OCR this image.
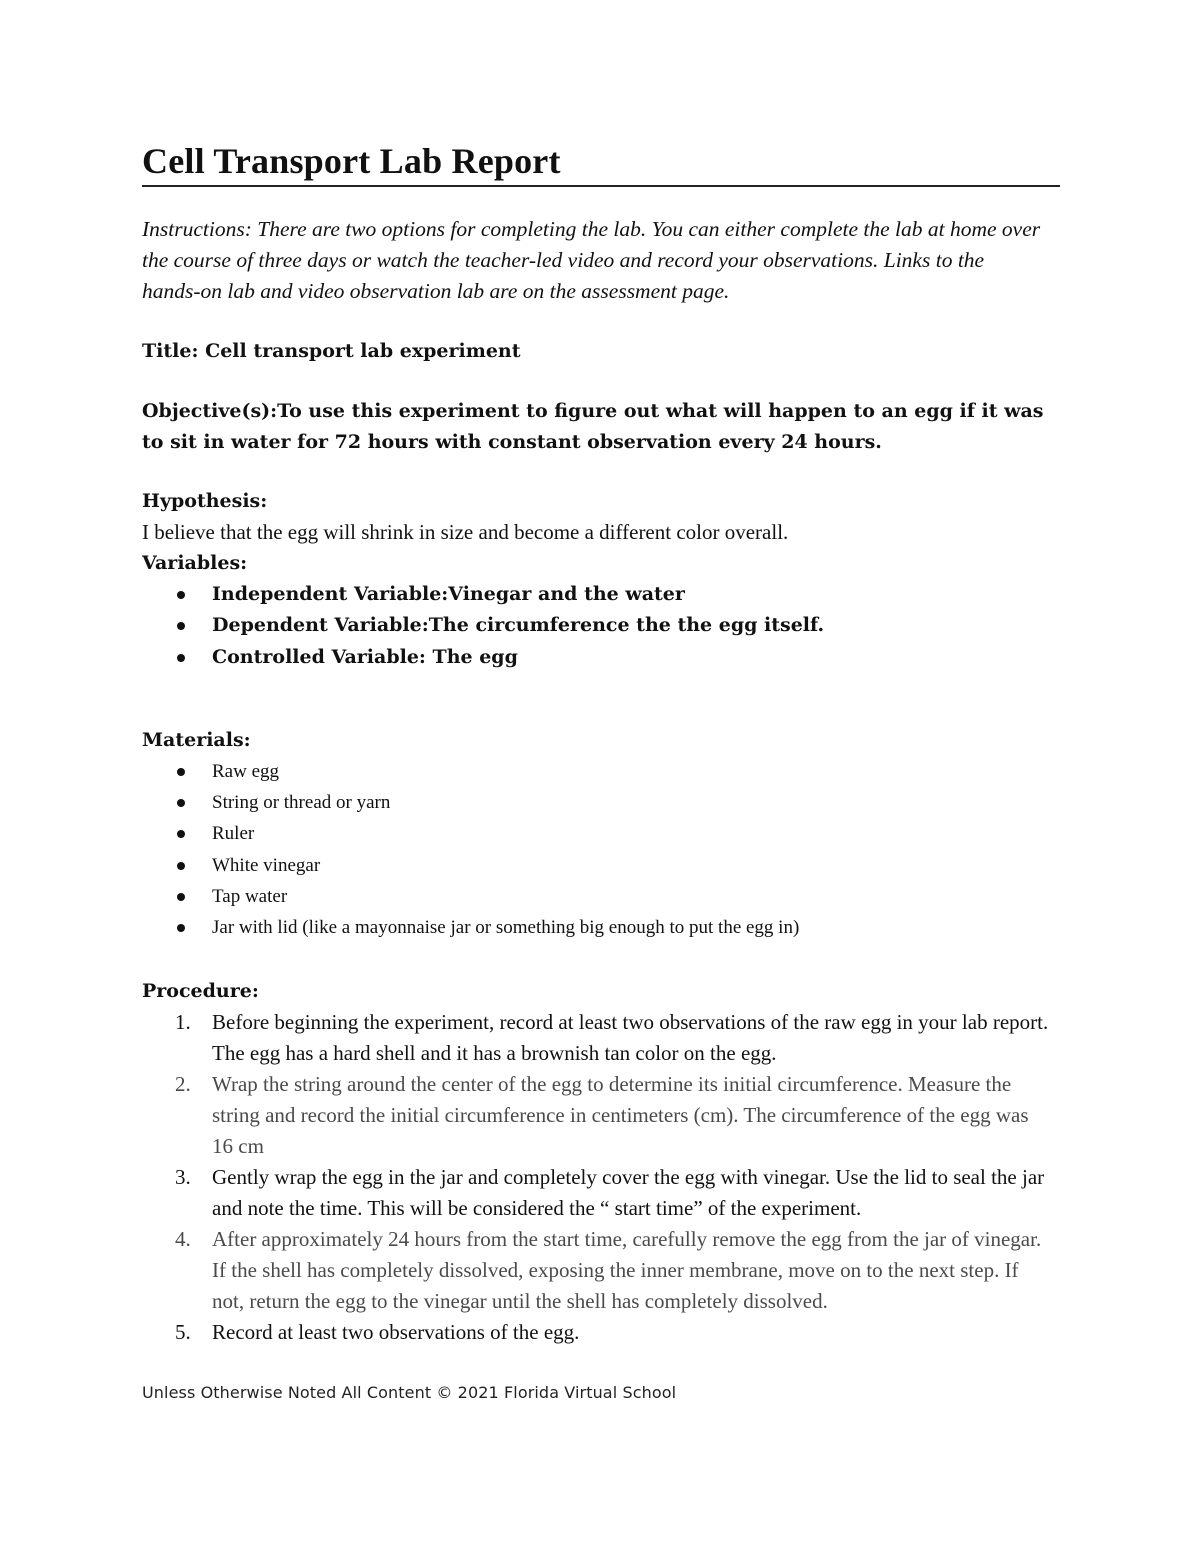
Cell Transport Lab Report

Instructions: There are two options for completing the lab. You can either complete the lab at home over the course of three days or watch the teacher-led video and record your observations. Links to the hands-on lab and video observation lab are on the assessment page.

Title: Cell transport lab experiment

Objective(s):To use this experiment to figure out what will happen to an egg if it was to sit in water for 72 hours with constant observation every 24 hours.

Hypothesis:

I believe that the egg will shrink in size and become a different color overall.

Variables:

Independent Variable:Vinegar and the water
Dependent Variable:The circumference the the egg itself.
Controlled Variable: The egg

Materials:

Raw egg
String or thread or yarn
Ruler
White vinegar
Tap water
Jar with lid (like a mayonnaise jar or something big enough to put the egg in)

Procedure:

1. Before beginning the experiment, record at least two observations of the raw egg in your lab report. The egg has a hard shell and it has a brownish tan color on the egg.
2. Wrap the string around the center of the egg to determine its initial circumference. Measure the string and record the initial circumference in centimeters (cm). The circumference of the egg was 16 cm
3. Gently wrap the egg in the jar and completely cover the egg with vinegar. Use the lid to seal the jar and note the time. This will be considered the “ start time” of the experiment.
4. After approximately 24 hours from the start time, carefully remove the egg from the jar of vinegar. If the shell has completely dissolved, exposing the inner membrane, move on to the next step. If not, return the egg to the vinegar until the shell has completely dissolved.
5. Record at least two observations of the egg.
Unless Otherwise Noted All Content © 2021 Florida Virtual School
